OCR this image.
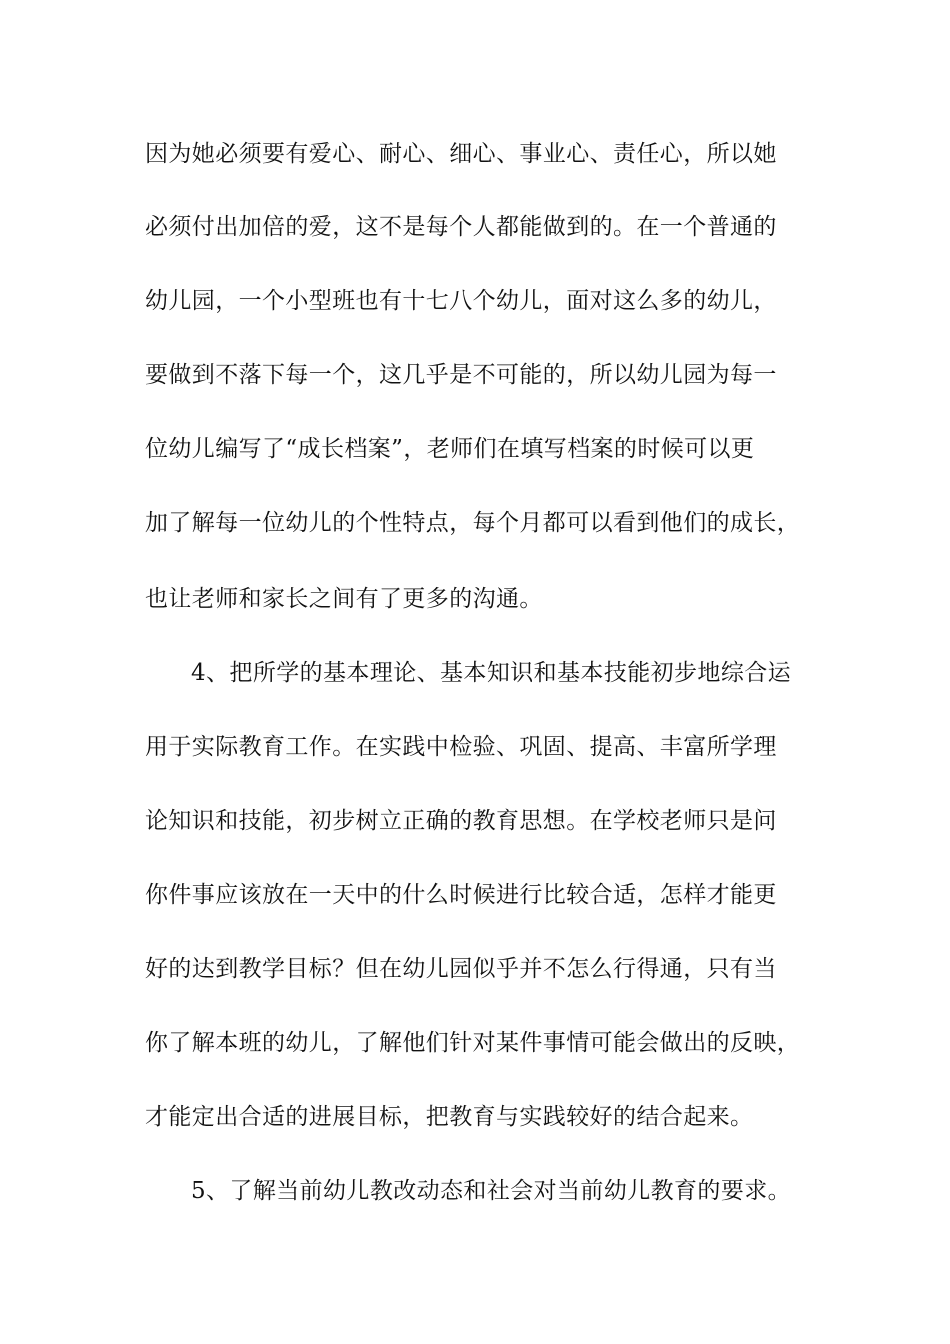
因为她必须要有爱心、耐心、细心、事业心、责任心，所以她
必须付出加倍的爱，这不是每个人都能做到的。在一个普通的
幼儿园，一个小型班也有十七八个幼儿，面对这么多的幼儿，
要做到不落下每一个，这几乎是不可能的，所以幼儿园为每一
位幼儿编写了“成长档案”，老师们在填写档案的时候可以更
加了解每一位幼儿的个性特点，每个月都可以看到他们的成长，
也让老师和家长之间有了更多的沟通。
4、把所学的基本理论、基本知识和基本技能初步地综合运
用于实际教育工作。在实践中检验、巩固、提高、丰富所学理
论知识和技能，初步树立正确的教育思想。在学校老师只是问
你件事应该放在一天中的什么时候进行比较合适，怎样才能更
好的达到教学目标？但在幼儿园似乎并不怎么行得通，只有当
你了解本班的幼儿，了解他们针对某件事情可能会做出的反映，
才能定出合适的进展目标，把教育与实践较好的结合起来。
5、了解当前幼儿教改动态和社会对当前幼儿教育的要求。
